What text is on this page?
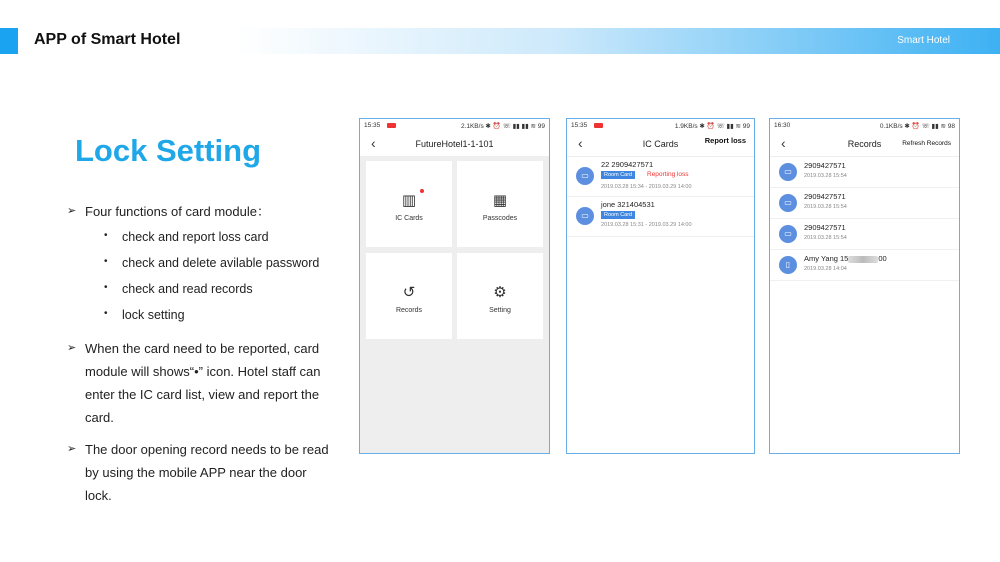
APP of Smart Hotel	Smart Hotel
Lock Setting
➢ Four functions of card module：
• check and report loss card
• check and delete avilable password
• check and read records
• lock setting
➢ When the card need to be reported, card
module will shows“•” icon. Hotel staff can
enter the IC card list, view and report the
card.
➢ The door opening record needs to be read
by using the mobile APP near the door
lock.
15:35	2.1KB/s ✱ ⏰ ☏ ▮▮ ▮▮ ≋ 99
‹	FutureHotel1-1-101
▥
IC Cards
▦
Passcodes
↺
Records
⚙
Setting
15:35	1.9KB/s ✱ ⏰ ☏ ▮▮ ≋ 99
‹	IC Cards	Report loss
▭
22 2909427571
Room Card	Reporting loss
2019.03.28 15:34 - 2019.03.29 14:00
▭
jone 321404531
Room Card
2019.03.28 15:31 - 2019.03.29 14:00
16:30	0.1KB/s ✱ ⏰ ☏ ▮▮ ≋ 98
‹	Records	Refresh Records
▭
2909427571
2019.03.28 15:54
▭
2909427571
2019.03.28 15:54
▭
2909427571
2019.03.28 15:54
▯
Amy Yang 15	00
2019.03.28 14:04
